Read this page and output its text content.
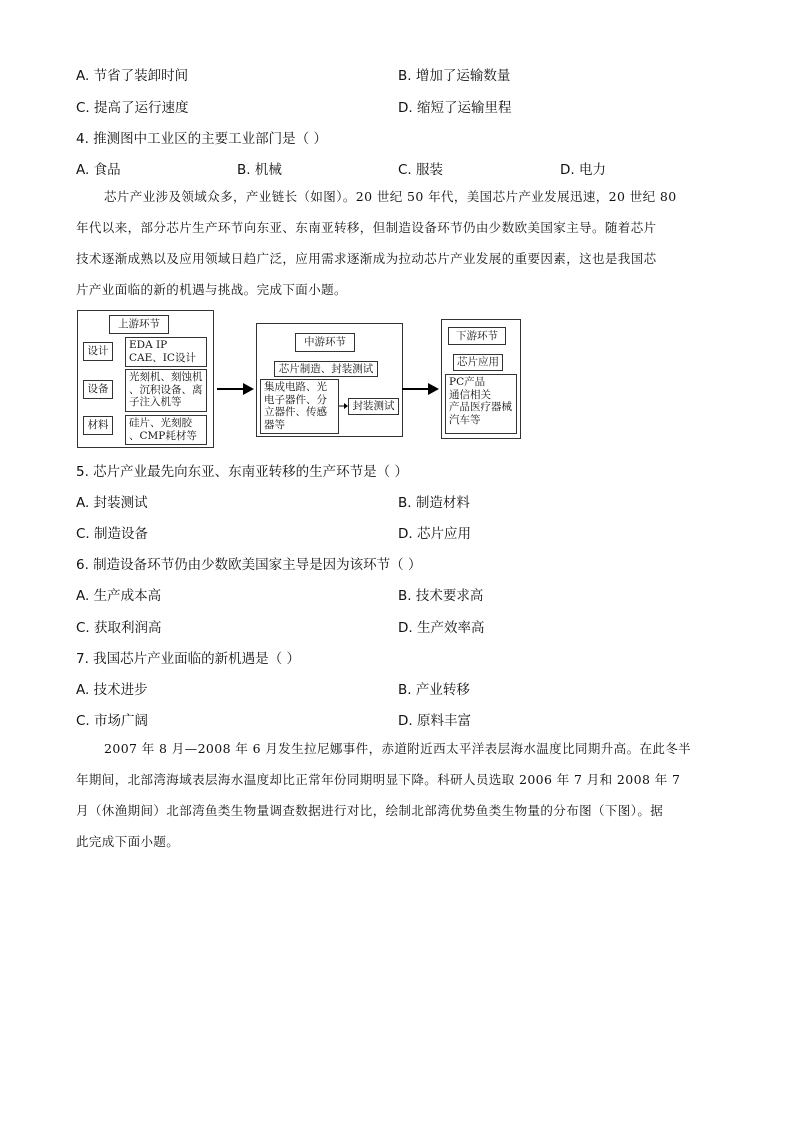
A. 节省了装卸时间	B. 增加了运输数量
C. 提高了运行速度	D. 缩短了运输里程
4. 推测图中工业区的主要工业部门是（ ）
A. 食品	B. 机械	C. 服装	D. 电力
芯片产业涉及领域众多，产业链长（如图）。20 世纪 50 年代，美国芯片产业发展迅速，20 世纪 80
年代以来，部分芯片生产环节向东亚、东南亚转移，但制造设备环节仍由少数欧美国家主导。随着芯片
技术逐渐成熟以及应用领域日趋广泛，应用需求逐渐成为拉动芯片产业发展的重要因素，这也是我国芯
片产业面临的新的机遇与挑战。完成下面小题。
上游环节
设计
EDA IP
CAE、IC设计
设备
光刻机、刻蚀机
、沉积设备、离
子注入机等
材料	硅片、光刻胶
、CMP耗材等
中游环节
芯片制造、封装测试
集成电路、光
电子器件、分
立器件、传感
器等
封装测试
下游环节
芯片应用
PC产品
通信相关
产品医疗器械
汽车等
5. 芯片产业最先向东亚、东南亚转移的生产环节是（ ）
A. 封装测试	B. 制造材料
C. 制造设备	D. 芯片应用
6. 制造设备环节仍由少数欧美国家主导是因为该环节（ ）
A. 生产成本高	B. 技术要求高
C. 获取利润高	D. 生产效率高
7. 我国芯片产业面临的新机遇是（ ）
A. 技术进步	B. 产业转移
C. 市场广阔	D. 原料丰富
2007 年 8 月—2008 年 6 月发生拉尼娜事件，赤道附近西太平洋表层海水温度比同期升高。在此冬半
年期间，北部湾海域表层海水温度却比正常年份同期明显下降。科研人员选取 2006 年 7 月和 2008 年 7
月（休渔期间）北部湾鱼类生物量调查数据进行对比，绘制北部湾优势鱼类生物量的分布图（下图）。据
此完成下面小题。
